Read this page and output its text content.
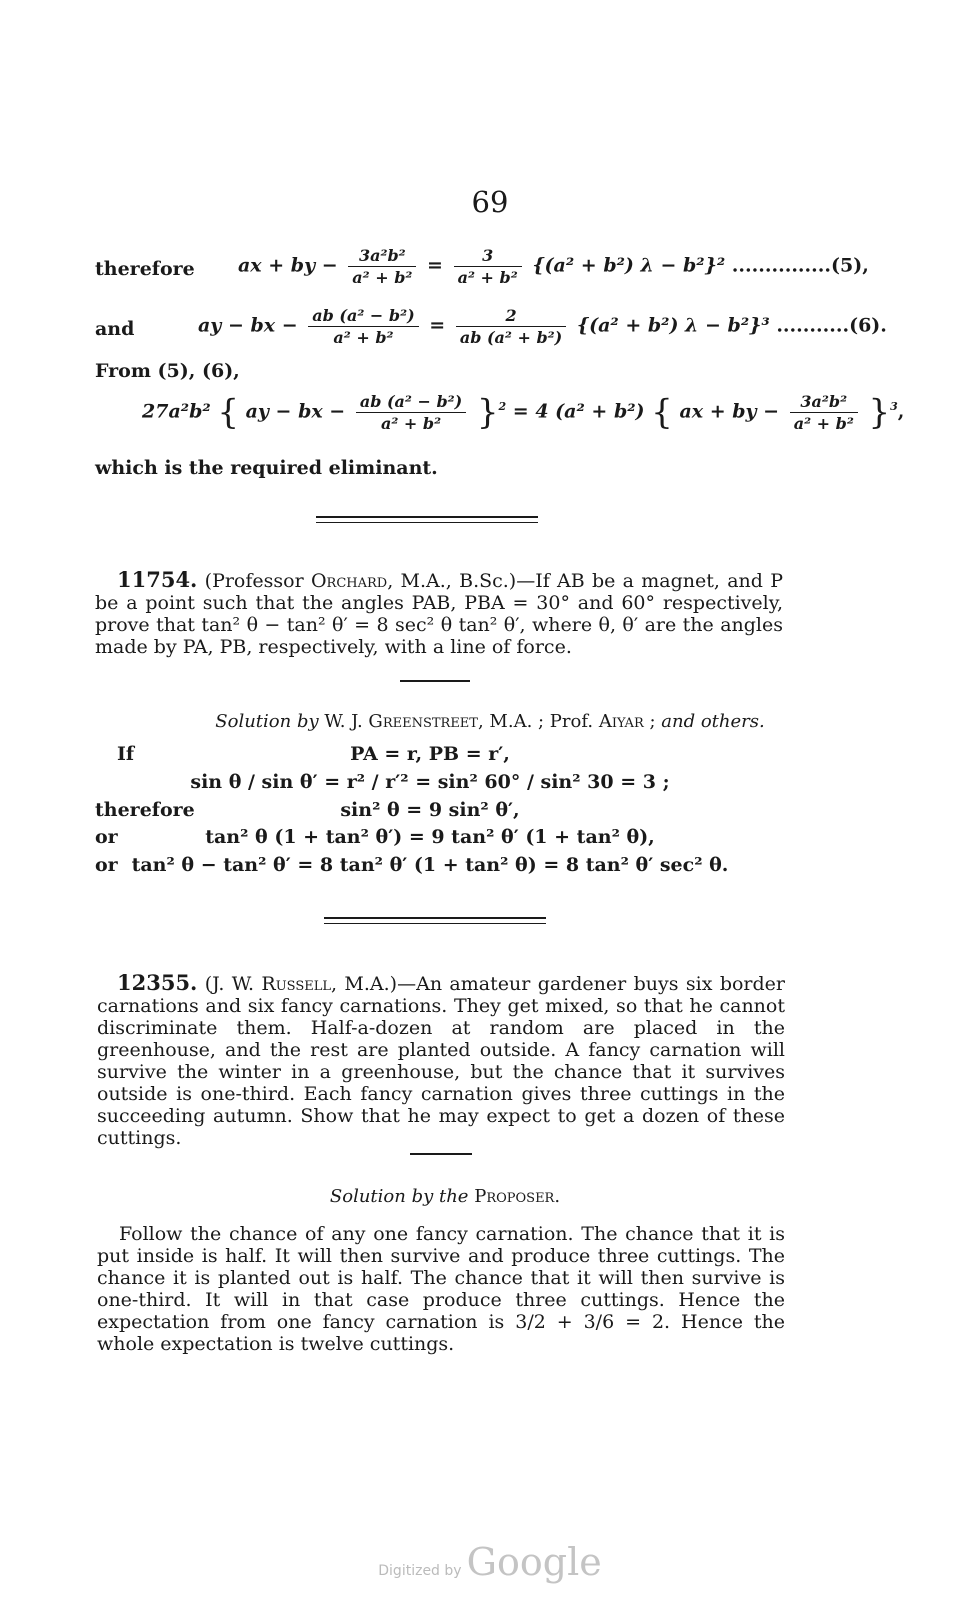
69
therefore ax + by − $\frac{\text{3a²b²}}{\text{a² + b²}} = \frac{3}{\text{a² + b²}} \{(a^2 + b^2) \lambda - b^2\}^2$ ...............(5),
and	ay − bx − $\frac{\text{ab (a² − b²)}}{\text{a² + b²}} = \frac{2}{\text{ab (a² + b²)}} \{(a^2 + b^2) \lambda - b^2\}^3$ ...........(6).
From (5), (6),
27a²b² { ay − bx − $\frac{\text{ab (a² − b²)}}{\text{a² + b²}} \}^2 = 4$ (a² + b²) { ax + by − $\frac{\text{3a²b²}}{\text{a² + b²}} \}^3$,
which is the required eliminant.
11754. (Professor Orchard, M.A., B.Sc.)—If AB be a magnet, and P be a point such that the angles PAB, PBA = 30° and 60° respectively, prove that tan² θ − tan² θ′ = 8 sec² θ tan² θ′, where θ, θ′ are the angles made by PA, PB, respectively, with a line of force.
Solution by W. J. Greenstreet, M.A. ; Prof. Aiyar ; and others.
If	PA = r, PB = r′,
sin θ / sin θ′ = r² / r′² = sin² 60° / sin² 30 = 3 ;
therefore	sin² θ = 9 sin² θ′,
or	tan² θ (1 + tan² θ′) = 9 tan² θ′ (1 + tan² θ),
or tan² θ − tan² θ′ = 8 tan² θ′ (1 + tan² θ) = 8 tan² θ′ sec² θ.
12355. (J. W. Russell, M.A.)—An amateur gardener buys six border carnations and six fancy carnations. They get mixed, so that he cannot discriminate them. Half-a-dozen at random are placed in the greenhouse, and the rest are planted outside. A fancy carnation will survive the winter in a greenhouse, but the chance that it survives outside is one-third. Each fancy carnation gives three cuttings in the succeeding autumn. Show that he may expect to get a dozen of these cuttings.
Solution by the Proposer.
Follow the chance of any one fancy carnation. The chance that it is put inside is half. It will then survive and produce three cuttings. The chance it is planted out is half. The chance that it will then survive is one-third. It will in that case produce three cuttings. Hence the expectation from one fancy carnation is 3/2 + 3/6 = 2. Hence the whole expectation is twelve cuttings.
Digitized by Google
